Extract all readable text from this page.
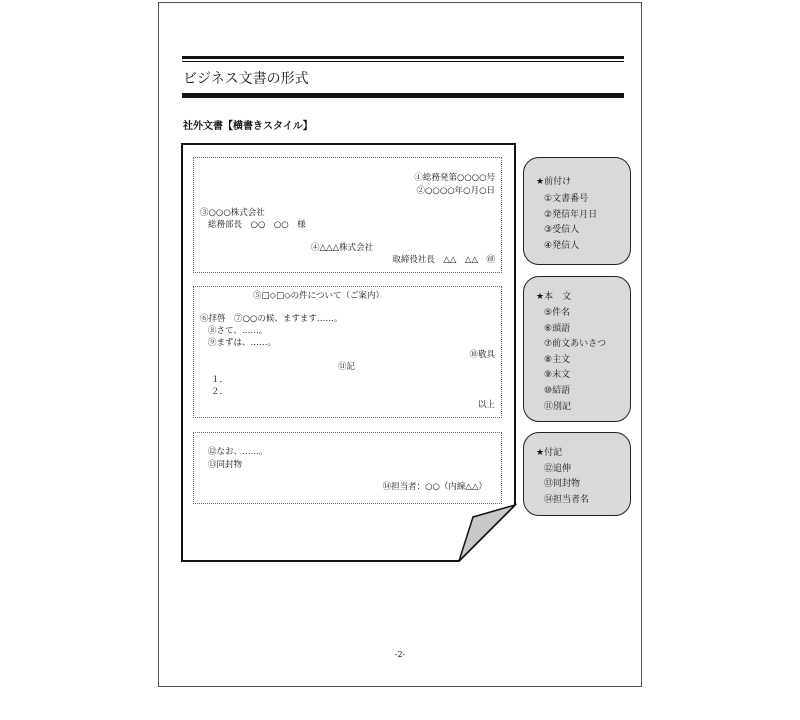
ビジネス文書の形式
社外文書【横書きスタイル】
①総務発第○○○○号
②○○○○年○月○日
③○○○株式会社
総務部長　○○　○○　様
④△△△株式会社
取締役社長　△△　△△　㊞
⑤□◇□◇の件について（ご案内）
⑥拝啓　⑦○○の候、ますます……。
⑧さて、……。
⑨まずは、……。
⑩敬具
⑪記
１．
２．
以上
⑫なお、……。
⑬同封物
⑭担当者：○○（内線△△）
★前付け
①文書番号
②発信年月日
③受信人
④発信人
★本　文
⑤件名
⑥頭語
⑦前文あいさつ
⑧主文
⑨末文
⑩結語
⑪別記
★付記
⑫追伸
⑬同封物
⑭担当者名
-2-
